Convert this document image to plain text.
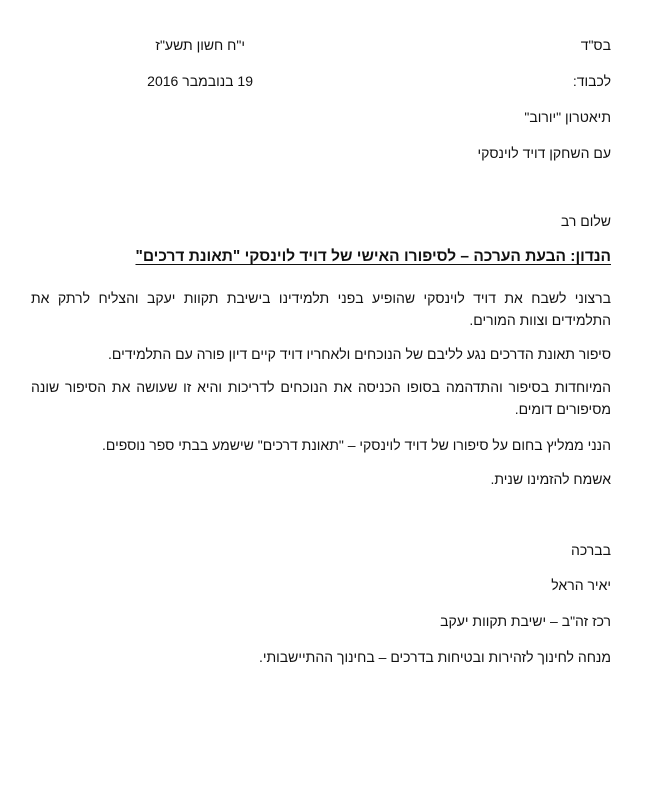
בס"ד
י"ח חשון תשע"ז
לכבוד:
19 בנובמבר 2016
תיאטרון "יורוב"
עם השחקן דויד לוינסקי
שלום רב
הנדון: הבעת הערכה – לסיפורו האישי של דויד לוינסקי "תאונת דרכים"
ברצוני לשבח את דויד לוינסקי שהופיע בפני תלמידינו בישיבת תקוות יעקב והצליח לרתק את התלמידים וצוות המורים.
סיפור תאונת הדרכים נגע לליבם של הנוכחים ולאחריו דויד קיים דיון פורה עם התלמידים.
המיוחדות בסיפור והתדהמה בסופו הכניסה את הנוכחים לדריכות והיא זו שעושה את הסיפור שונה מסיפורים דומים.
הנני ממליץ בחום על סיפורו של דויד לוינסקי – "תאונת דרכים" שישמע בבתי ספר נוספים.
אשמח להזמינו שנית.
בברכה
יאיר הראל
רכז זה"ב – ישיבת תקוות יעקב
מנחה לחינוך לזהירות ובטיחות בדרכים – בחינוך ההתיישבותי.
